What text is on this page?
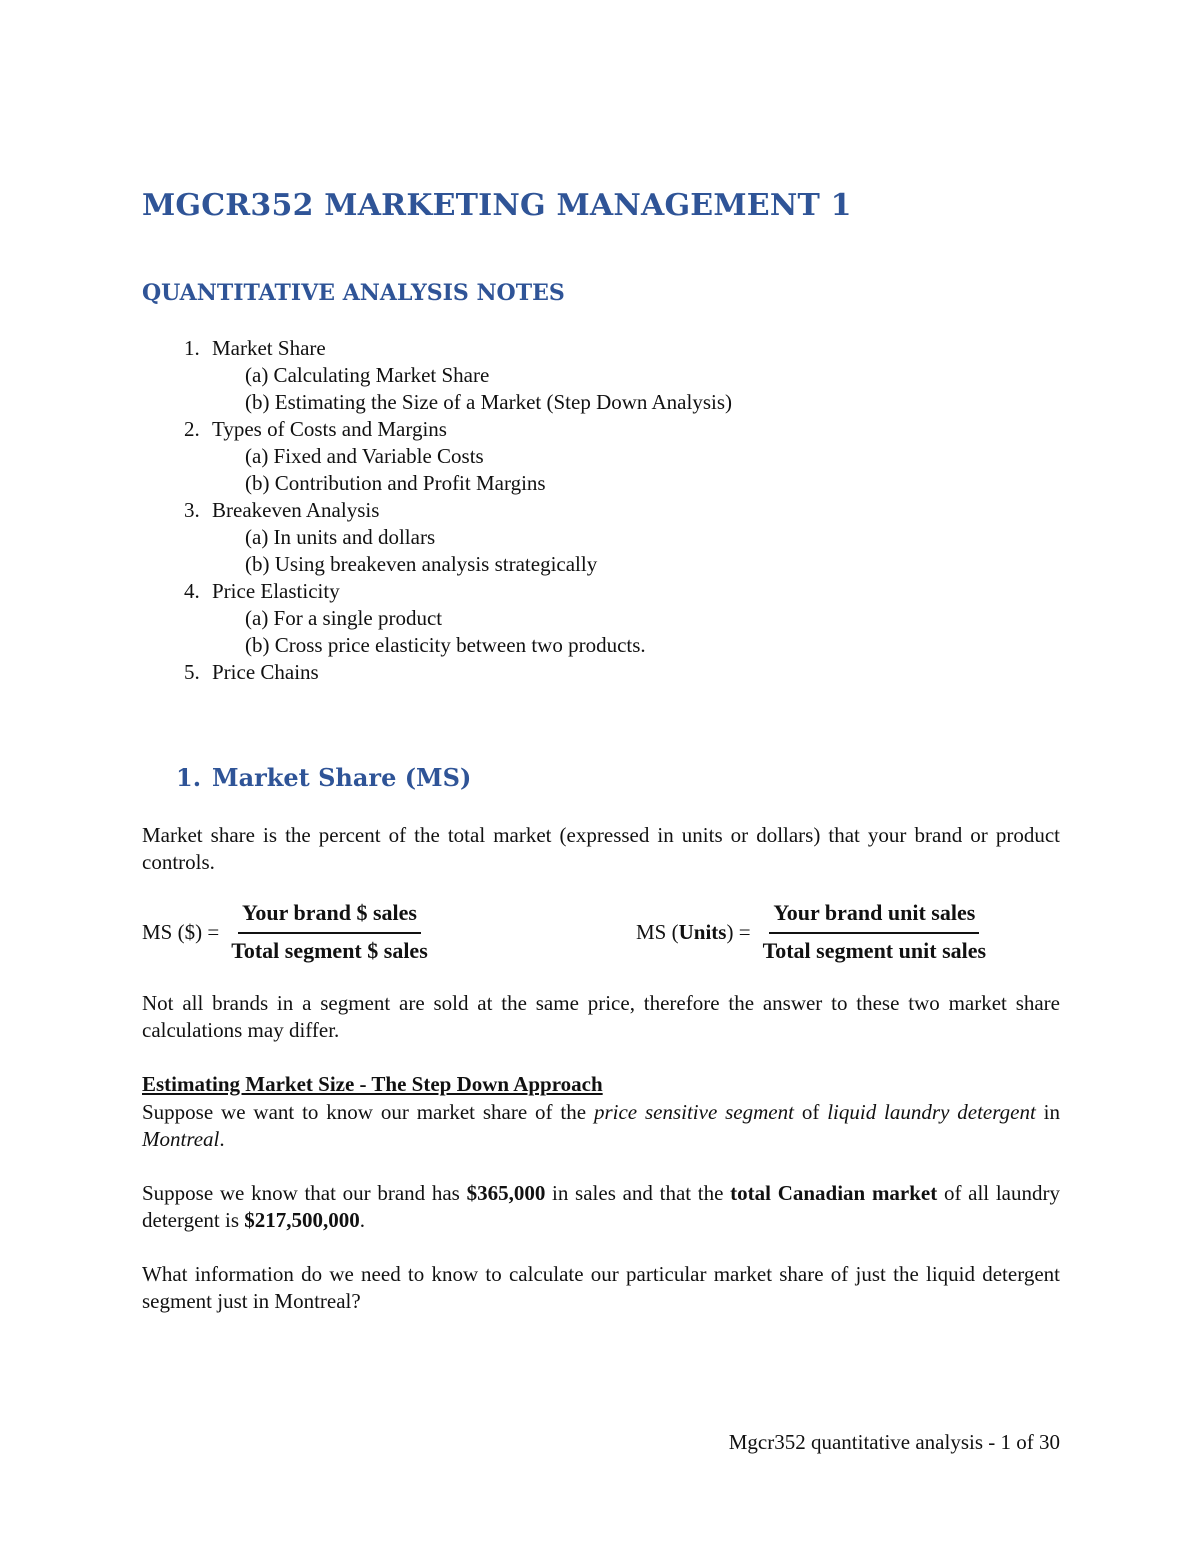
MGCR352 MARKETING MANAGEMENT 1
QUANTITATIVE ANALYSIS NOTES
1. Market Share
(a) Calculating Market Share
(b) Estimating the Size of a Market (Step Down Analysis)
2. Types of Costs and Margins
(a) Fixed and Variable Costs
(b) Contribution and Profit Margins
3. Breakeven Analysis
(a) In units and dollars
(b) Using breakeven analysis strategically
4. Price Elasticity
(a) For a single product
(b) Cross price elasticity between two products.
5. Price Chains
1. Market Share (MS)

Market share is the percent of the total market (expressed in units or dollars) that your brand or product controls.

MS ($) = $\frac{\text{Your brand \$ sales}}{\text{Total segment \$ sales}}$	MS (Units) = $\frac{\text{Your brand unit sales}}{\text{Total segment unit sales}}$

Not all brands in a segment are sold at the same price, therefore the answer to these two market share calculations may differ.

Estimating Market Size - The Step Down Approach

Suppose we want to know our market share of the price sensitive segment of liquid laundry detergent in Montreal.

Suppose we know that our brand has $365,000 in sales and that the total Canadian market of all laundry detergent is $217,500,000.

What information do we need to know to calculate our particular market share of just the liquid detergent segment just in Montreal?

Mgcr352 quantitative analysis - 1 of 30
